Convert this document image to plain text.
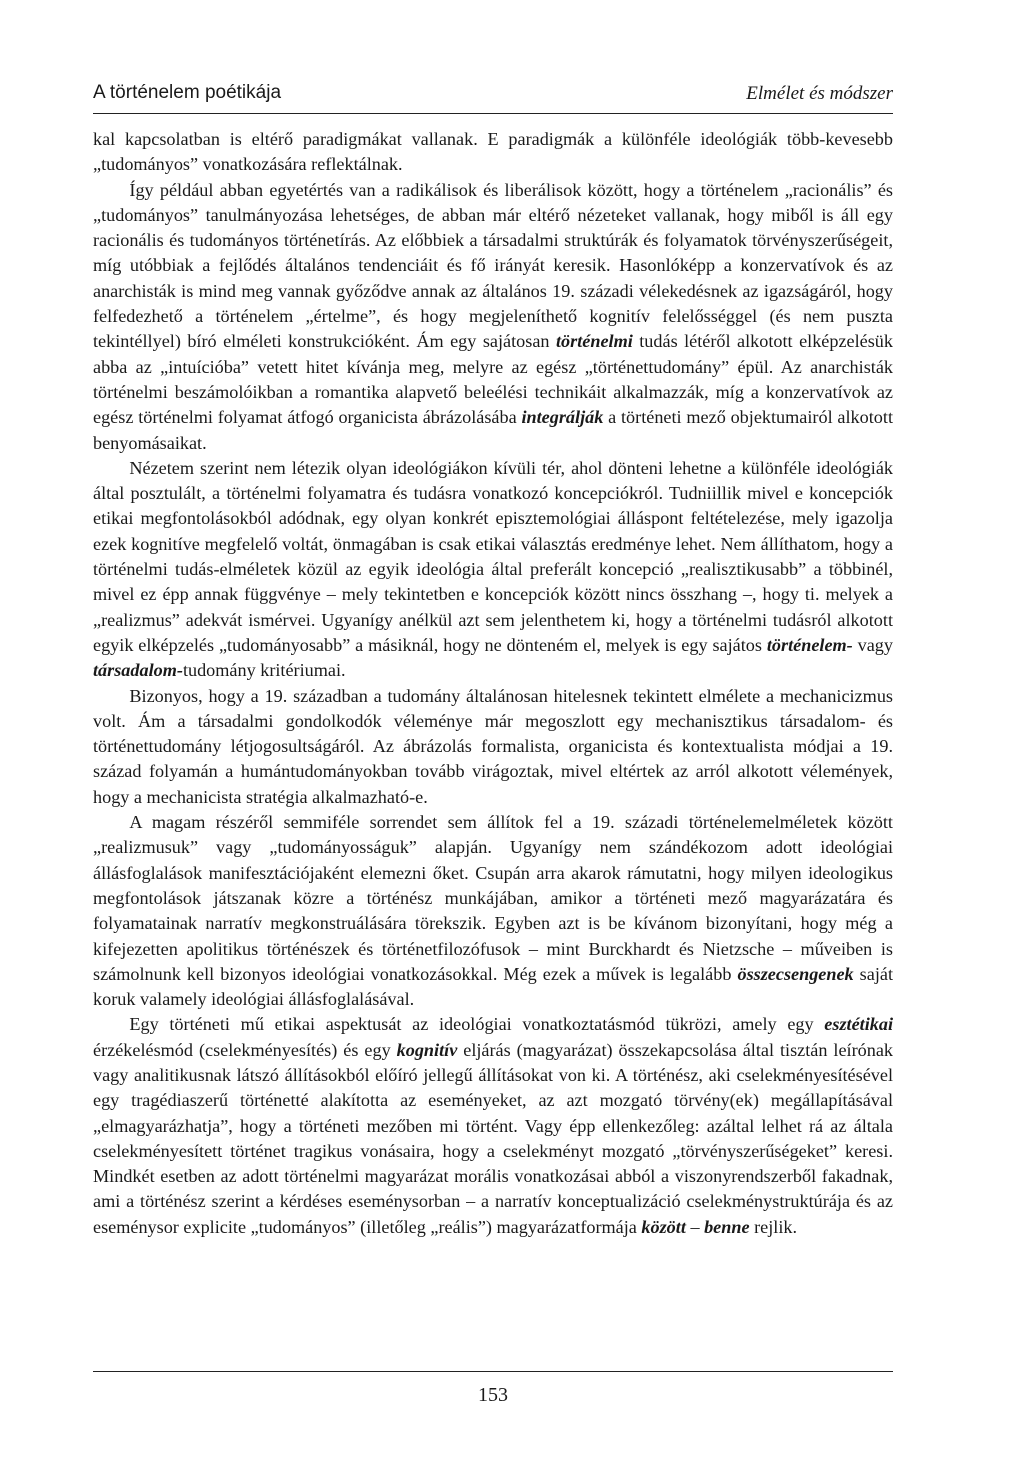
A történelem poétikája	Elmélet és módszer

kal kapcsolatban is eltérő paradigmákat vallanak. E paradigmák a különféle ideológiák több-kevesebb „tudományos” vonatkozására reflektálnak.

Így például abban egyetértés van a radikálisok és liberálisok között, hogy a történelem „racionális” és „tudományos” tanulmányozása lehetséges, de abban már eltérő nézeteket vallanak, hogy miből is áll egy racionális és tudományos történetírás. Az előbbiek a társadalmi struktúrák és folyamatok törvényszerűségeit, míg utóbbiak a fejlődés általános tendenciáit és fő irányát keresik. Hasonlóképp a konzervatívok és az anarchisták is mind meg vannak győződve annak az általános 19. századi vélekedésnek az igazságáról, hogy felfedezhető a történelem „értelme”, és hogy megjeleníthető kognitív felelősséggel (és nem puszta tekintéllyel) bíró elméleti konstrukcióként. Ám egy sajátosan történelmi tudás létéről alkotott elképzelésük abba az „intuícióba” vetett hitet kívánja meg, melyre az egész „történettudomány” épül. Az anarchisták történelmi beszámolóikban a romantika alapvető beleélési technikáit alkalmazzák, míg a konzervatívok az egész történelmi folyamat átfogó organicista ábrázolásába integrálják a történeti mező objektumairól alkotott benyomásaikat.

Nézetem szerint nem létezik olyan ideológiákon kívüli tér, ahol dönteni lehetne a különféle ideológiák által posztulált, a történelmi folyamatra és tudásra vonatkozó koncepciókról. Tudniillik mivel e koncepciók etikai megfontolásokból adódnak, egy olyan konkrét episztemológiai álláspont feltételezése, mely igazolja ezek kognitíve megfelelő voltát, önmagában is csak etikai választás eredménye lehet. Nem állíthatom, hogy a történelmi tudás-elméletek közül az egyik ideológia által preferált koncepció „realisztikusabb” a többinél, mivel ez épp annak függvénye – mely tekintetben e koncepciók között nincs összhang –, hogy ti. melyek a „realizmus” adekvát ismérvei. Ugyanígy anélkül azt sem jelenthetem ki, hogy a történelmi tudásról alkotott egyik elképzelés „tudományosabb” a másiknál, hogy ne dönteném el, melyek is egy sajátos történelem- vagy társadalom-tudomány kritériumai.

Bizonyos, hogy a 19. században a tudomány általánosan hitelesnek tekintett elmélete a mechanicizmus volt. Ám a társadalmi gondolkodók véleménye már megoszlott egy mechanisztikus társadalom- és történettudomány létjogosultságáról. Az ábrázolás formalista, organicista és kontextualista módjai a 19. század folyamán a humántudományokban tovább virágoztak, mivel eltértek az arról alkotott vélemények, hogy a mechanicista stratégia alkalmazható-e.

A magam részéről semmiféle sorrendet sem állítok fel a 19. századi történelemelméletek között „realizmusuk” vagy „tudományosságuk” alapján. Ugyanígy nem szándékozom adott ideológiai állásfoglalások manifesztációjaként elemezni őket. Csupán arra akarok rámutatni, hogy milyen ideologikus megfontolások játszanak közre a történész munkájában, amikor a történeti mező magyarázatára és folyamatainak narratív megkonstruálására törekszik. Egyben azt is be kívánom bizonyítani, hogy még a kifejezetten apolitikus történészek és történetfilozófusok – mint Burckhardt és Nietzsche – műveiben is számolnunk kell bizonyos ideológiai vonatkozásokkal. Még ezek a művek is legalább összecsengenek saját koruk valamely ideológiai állásfoglalásával.

Egy történeti mű etikai aspektusát az ideológiai vonatkoztatásmód tükrözi, amely egy esztétikai érzékelésmód (cselekményesítés) és egy kognitív eljárás (magyarázat) összekapcsolása által tisztán leírónak vagy analitikusnak látszó állításokból előíró jellegű állításokat von ki. A történész, aki cselekményesítésével egy tragédiaszerű történetté alakította az eseményeket, az azt mozgató törvény(ek) megállapításával „elmagyarázhatja”, hogy a történeti mezőben mi történt. Vagy épp ellenkezőleg: azáltal lelhet rá az általa cselekményesített történet tragikus vonásaira, hogy a cselekményt mozgató „törvényszerűségeket” keresi. Mindkét esetben az adott történelmi magyarázat morális vonatkozásai abból a viszonyrendszerből fakadnak, ami a történész szerint a kérdéses eseménysorban – a narratív konceptualizáció cselekménystruktúrája és az eseménysor explicite „tudományos” (illetőleg „reális”) magyarázatformája között – benne rejlik.

153
